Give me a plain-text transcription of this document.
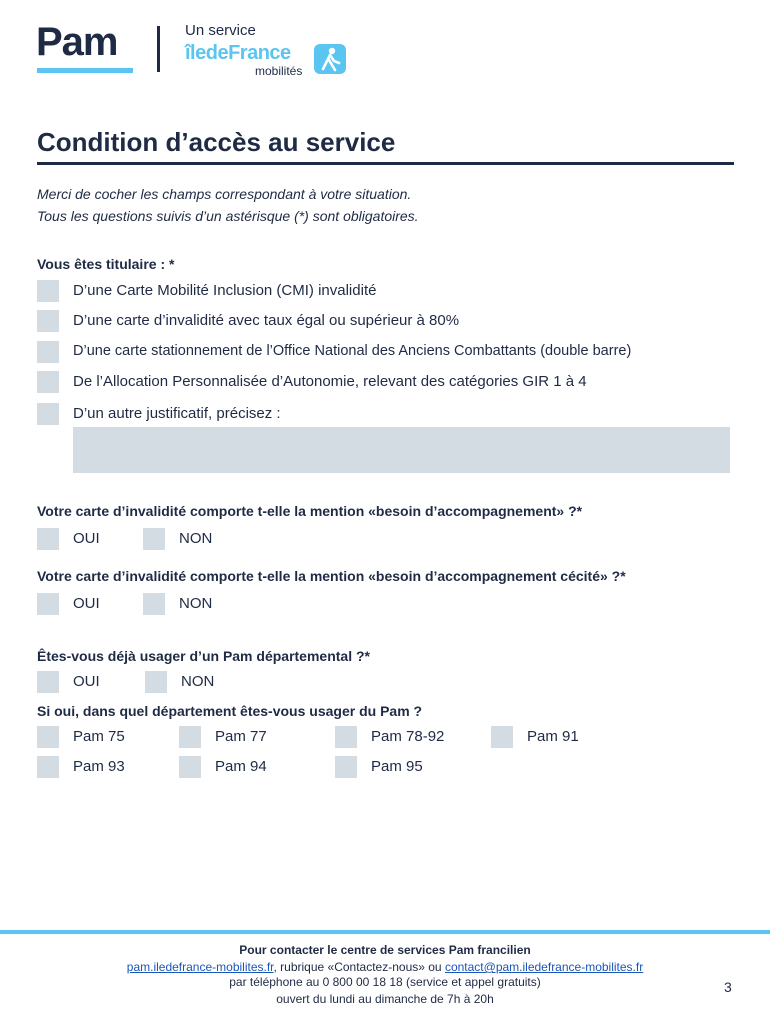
Pam	Un service
îledeFrance
mobilités
Condition d’accès au service
Merci de cocher les champs correspondant à votre situation.
Tous les questions suivis d’un astérisque (*) sont obligatoires.
Vous êtes titulaire : *
D’une Carte Mobilité Inclusion (CMI) invalidité
D’une carte d’invalidité avec taux égal ou supérieur à 80%
D’une carte stationnement de l’Office National des Anciens Combattants (double barre)
De l’Allocation Personnalisée d’Autonomie, relevant des catégories GIR 1 à 4
D’un autre justificatif, précisez :
Votre carte d’invalidité comporte t-elle la mention «besoin d’accompagnement» ?*
OUI	NON
Votre carte d’invalidité comporte t-elle la mention «besoin d’accompagnement cécité» ?*
OUI	NON
Êtes-vous déjà usager d’un Pam départemental ?*
OUI	NON
Si oui, dans quel département êtes-vous usager du Pam ?
Pam 75	Pam 77	Pam 78-92	Pam 91
Pam 93	Pam 94	Pam 95
Pour contacter le centre de services Pam francilien
pam.iledefrance-mobilites.fr, rubrique «Contactez-nous» ou contact@pam.iledefrance-mobilites.fr
par téléphone au 0 800 00 18 18 (service et appel gratuits)
ouvert du lundi au dimanche de 7h à 20h
3
